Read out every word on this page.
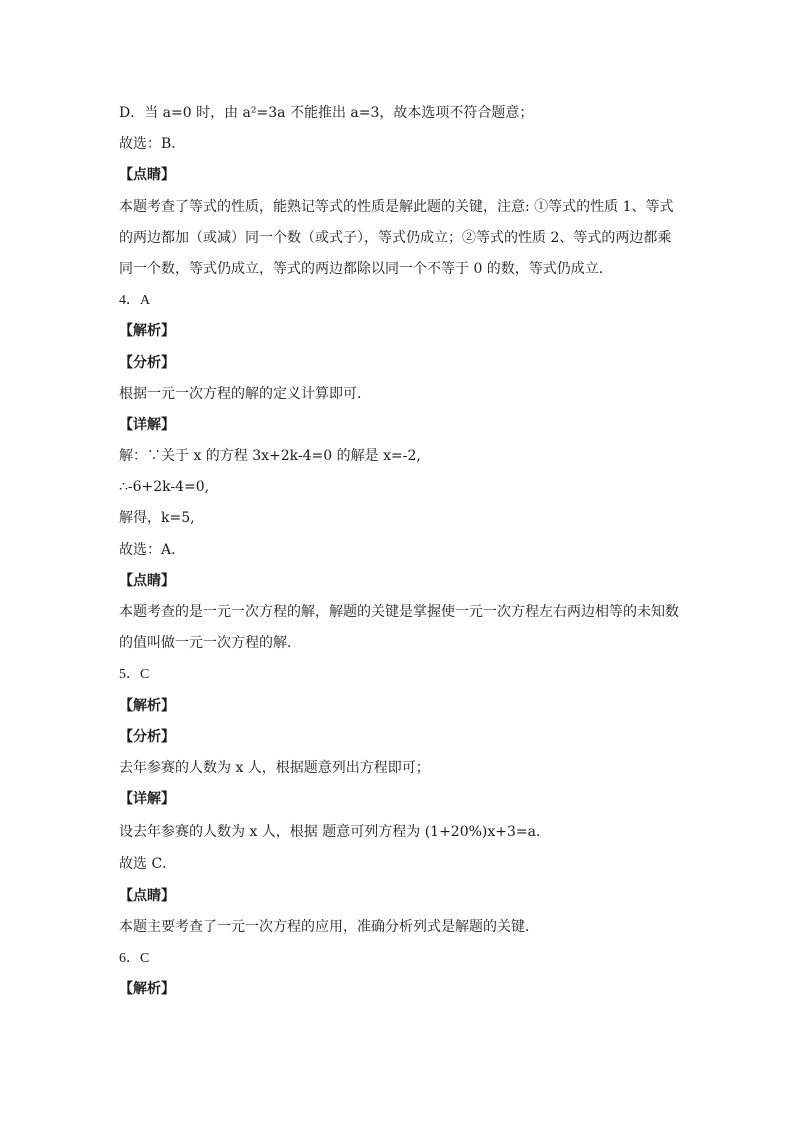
D．当 a=0 时，由 a²=3a 不能推出 a=3，故本选项不符合题意；
故选：B．
【点睛】
本题考查了等式的性质，能熟记等式的性质是解此题的关键，注意: ①等式的性质 1、等式
的两边都加（或减）同一个数（或式子），等式仍成立；②等式的性质 2、等式的两边都乘
同一个数，等式仍成立，等式的两边都除以同一个不等于 0 的数，等式仍成立．
4．A
【解析】
【分析】
根据一元一次方程的解的定义计算即可．
【详解】
解：∵关于 x 的方程 3x+2k-4=0 的解是 x=-2,
∴-6+2k-4=0,
解得，k=5,
故选：A．
【点睛】
本题考查的是一元一次方程的解，解题的关键是掌握使一元一次方程左右两边相等的未知数
的值叫做一元一次方程的解．
5．C
【解析】
【分析】
去年参赛的人数为 x 人，根据题意列出方程即可；
【详解】
设去年参赛的人数为 x 人，根据 题意可列方程为 (1+20%)x+3=a．
故选 C．
【点睛】
本题主要考查了一元一次方程的应用，准确分析列式是解题的关键．
6．C
【解析】
